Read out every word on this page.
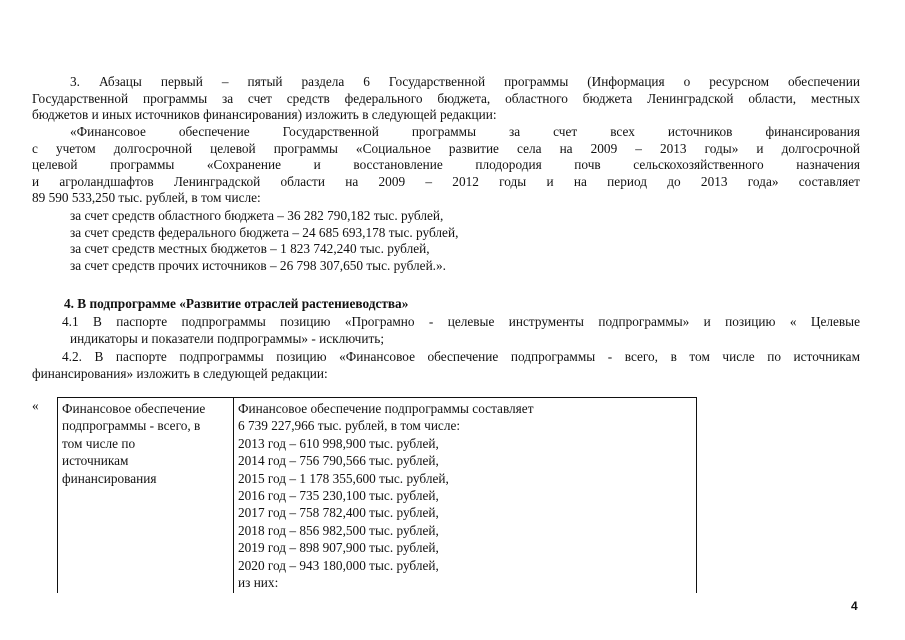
3. Абзацы первый – пятый раздела 6 Государственной программы (Информация о ресурсном обеспечении
Государственной программы за счет средств федерального бюджета, областного бюджета Ленинградской области, местных
бюджетов и иных источников финансирования) изложить в следующей редакции:
«Финансовое обеспечение Государственной программы за счет всех источников финансирования
с учетом долгосрочной целевой программы «Социальное развитие села на 2009 – 2013 годы» и долгосрочной
целевой программы «Сохранение и восстановление плодородия почв сельскохозяйственного назначения
и агроландшафтов Ленинградской области на 2009 – 2012 годы и на период до 2013 года» составляет
89 590 533,250 тыс. рублей, в том числе:
за счет средств областного бюджета – 36 282 790,182 тыс. рублей,
за счет средств федерального бюджета – 24 685 693,178 тыс. рублей,
за счет средств местных бюджетов – 1 823 742,240 тыс. рублей,
за счет средств прочих источников – 26 798 307,650 тыс. рублей.».
4. В подпрограмме «Развитие отраслей растениеводства»
4.1 В паспорте подпрограммы позицию «Програмно - целевые инструменты подпрограммы» и позицию « Целевые
индикаторы и показатели подпрограммы» - исключить;
4.2. В паспорте подпрограммы позицию «Финансовое обеспечение подпрограммы - всего, в том числе по источникам
финансирования» изложить в следующей редакции:
« Финансовое обеспечение
подпрограммы - всего, в
том числе по
источникам
финансирования
Финансовое обеспечение подпрограммы составляет
6 739 227,966 тыс. рублей, в том числе:
2013 год – 610 998,900 тыс. рублей,
2014 год – 756 790,566 тыс. рублей,
2015 год – 1 178 355,600 тыс. рублей,
2016 год – 735 230,100 тыс. рублей,
2017 год – 758 782,400 тыс. рублей,
2018 год – 856 982,500 тыс. рублей,
2019 год – 898 907,900 тыс. рублей,
2020 год – 943 180,000 тыс. рублей,
из них:
4
